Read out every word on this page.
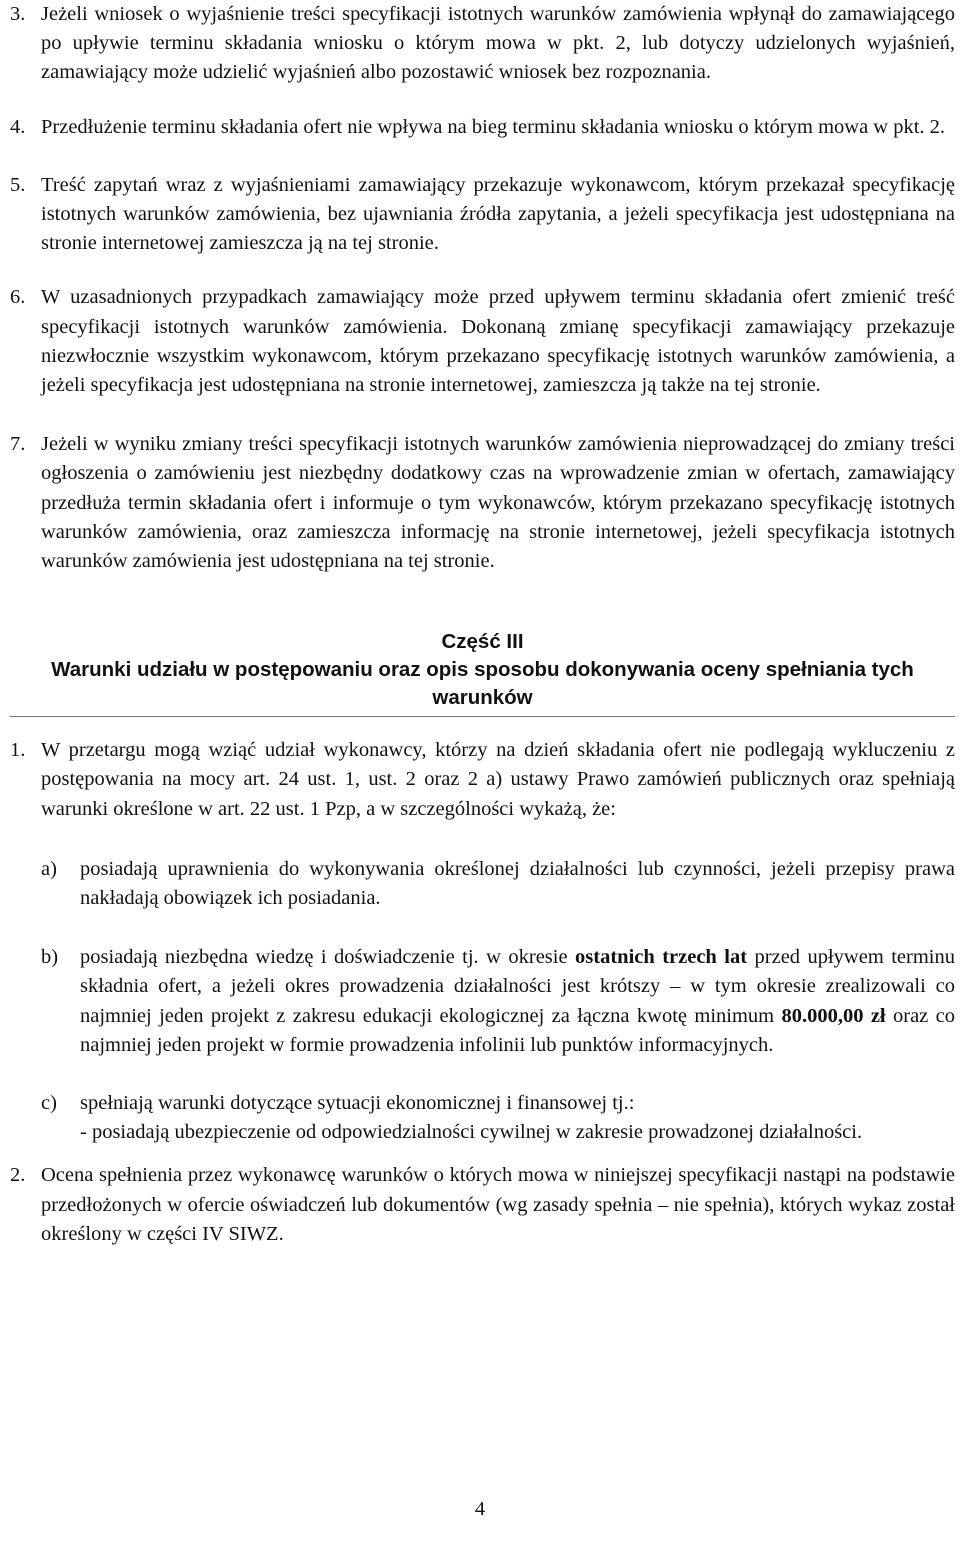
3. Jeżeli wniosek o wyjaśnienie treści specyfikacji istotnych warunków zamówienia wpłynął do zamawiającego po upływie terminu składania wniosku o którym mowa w pkt. 2, lub dotyczy udzielonych wyjaśnień, zamawiający może udzielić wyjaśnień albo pozostawić wniosek bez rozpoznania.
4. Przedłużenie terminu składania ofert nie wpływa na bieg terminu składania wniosku o którym mowa w pkt. 2.
5. Treść zapytań wraz z wyjaśnieniami zamawiający przekazuje wykonawcom, którym przekazał specyfikację istotnych warunków zamówienia, bez ujawniania źródła zapytania, a jeżeli specyfikacja jest udostępniana na stronie internetowej zamieszcza ją na tej stronie.
6. W uzasadnionych przypadkach zamawiający może przed upływem terminu składania ofert zmienić treść specyfikacji istotnych warunków zamówienia. Dokonaną zmianę specyfikacji zamawiający przekazuje niezwłocznie wszystkim wykonawcom, którym przekazano specyfikację istotnych warunków zamówienia, a jeżeli specyfikacja jest udostępniana na stronie internetowej, zamieszcza ją także na tej stronie.
7. Jeżeli w wyniku zmiany treści specyfikacji istotnych warunków zamówienia nieprowadzącej do zmiany treści ogłoszenia o zamówieniu jest niezbędny dodatkowy czas na wprowadzenie zmian w ofertach, zamawiający przedłuża termin składania ofert i informuje o tym wykonawców, którym przekazano specyfikację istotnych warunków zamówienia, oraz zamieszcza informację na stronie internetowej, jeżeli specyfikacja istotnych warunków zamówienia jest udostępniana na tej stronie.

Część III

Warunki udziału w postępowaniu oraz opis sposobu dokonywania oceny spełniania tych warunków

1. W przetargu mogą wziąć udział wykonawcy, którzy na dzień składania ofert nie podlegają wykluczeniu z postępowania na mocy art. 24 ust. 1, ust. 2 oraz 2 a) ustawy Prawo zamówień publicznych oraz spełniają warunki określone w art. 22 ust. 1 Pzp, a w szczególności wykażą, że:
a) posiadają uprawnienia do wykonywania określonej działalności lub czynności, jeżeli przepisy prawa nakładają obowiązek ich posiadania.
b) posiadają niezbędna wiedzę i doświadczenie tj. w okresie ostatnich trzech lat przed upływem terminu składnia ofert, a jeżeli okres prowadzenia działalności jest krótszy – w tym okresie zrealizowali co najmniej jeden projekt z zakresu edukacji ekologicznej za łączna kwotę minimum 80.000,00 zł oraz co najmniej jeden projekt w formie prowadzenia infolinii lub punktów informacyjnych.
c) spełniają warunki dotyczące sytuacji ekonomicznej i finansowej tj.:
- posiadają ubezpieczenie od odpowiedzialności cywilnej w zakresie prowadzonej działalności.
2. Ocena spełnienia przez wykonawcę warunków o których mowa w niniejszej specyfikacji nastąpi na podstawie przedłożonych w ofercie oświadczeń lub dokumentów (wg zasady spełnia – nie spełnia), których wykaz został określony w części IV SIWZ.
4
